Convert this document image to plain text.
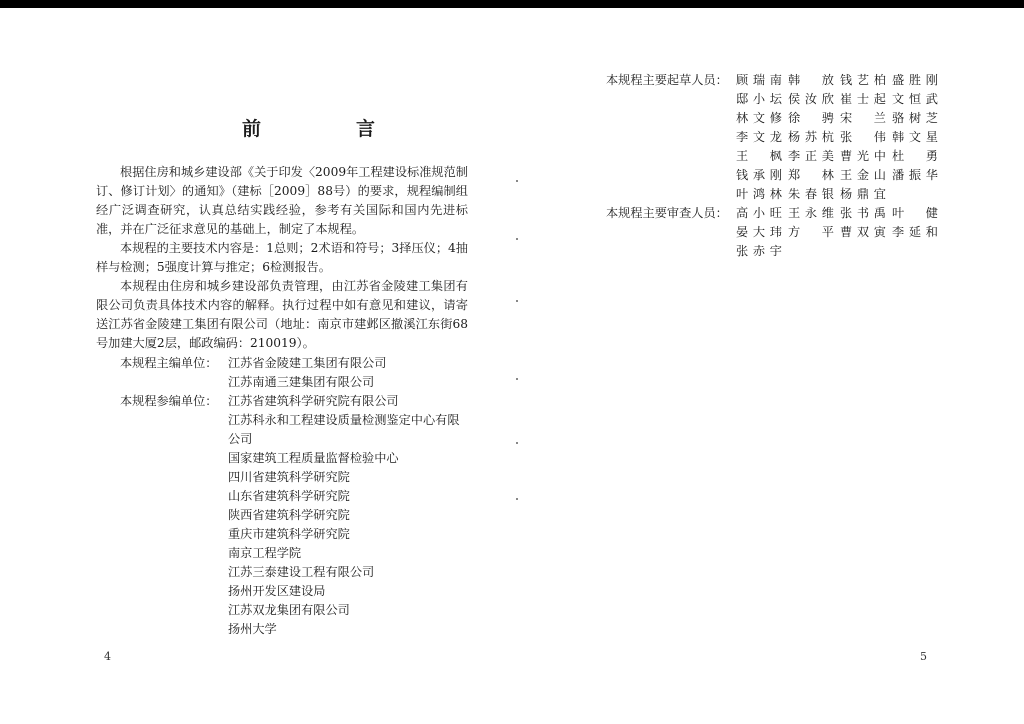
前　言

根据住房和城乡建设部《关于印发〈2009年工程建设标准规范制订、修订计划〉的通知》（建标［2009］88号）的要求，规程编制组经广泛调查研究，认真总结实践经验，参考有关国际和国内先进标准，并在广泛征求意见的基础上，制定了本规程。

本规程的主要技术内容是：1总则；2术语和符号；3择压仪；4抽样与检测；5强度计算与推定；6检测报告。

本规程由住房和城乡建设部负责管理，由江苏省金陵建工集团有限公司负责具体技术内容的解释。执行过程中如有意见和建议，请寄送江苏省金陵建工集团有限公司（地址：南京市建邺区撤溪江东街68号加建大厦2层，邮政编码：210019）。

本规程主编单位： 江苏省金陵建工集团有限公司
江苏南通三建集团有限公司
本规程参编单位： 江苏省建筑科学研究院有限公司
江苏科永和工程建设质量检测鉴定中心有限公司
国家建筑工程质量监督检验中心
四川省建筑科学研究院
山东省建筑科学研究院
陕西省建筑科学研究院
重庆市建筑科学研究院
南京工程学院
江苏三泰建设工程有限公司
扬州开发区建设局
江苏双龙集团有限公司
扬州大学
4
本规程主要起草人员： 顾瑞南 韩　放 钱艺柏 盛胜刚
邸小坛 侯汝欣 崔士起 文恒武
林文修 徐　骋 宋　兰 骆树芝
李文龙 杨苏杭 张　伟 韩文星
王　枫 李正美 曹光中 杜　勇
钱承刚 郑　林 王金山 潘振华
叶鸿林 朱春银 杨鼎宜
本规程主要审查人员： 高小旺 王永维 张书禹 叶　健
晏大玮 方　平 曹双寅 李延和
张赤宇
5
